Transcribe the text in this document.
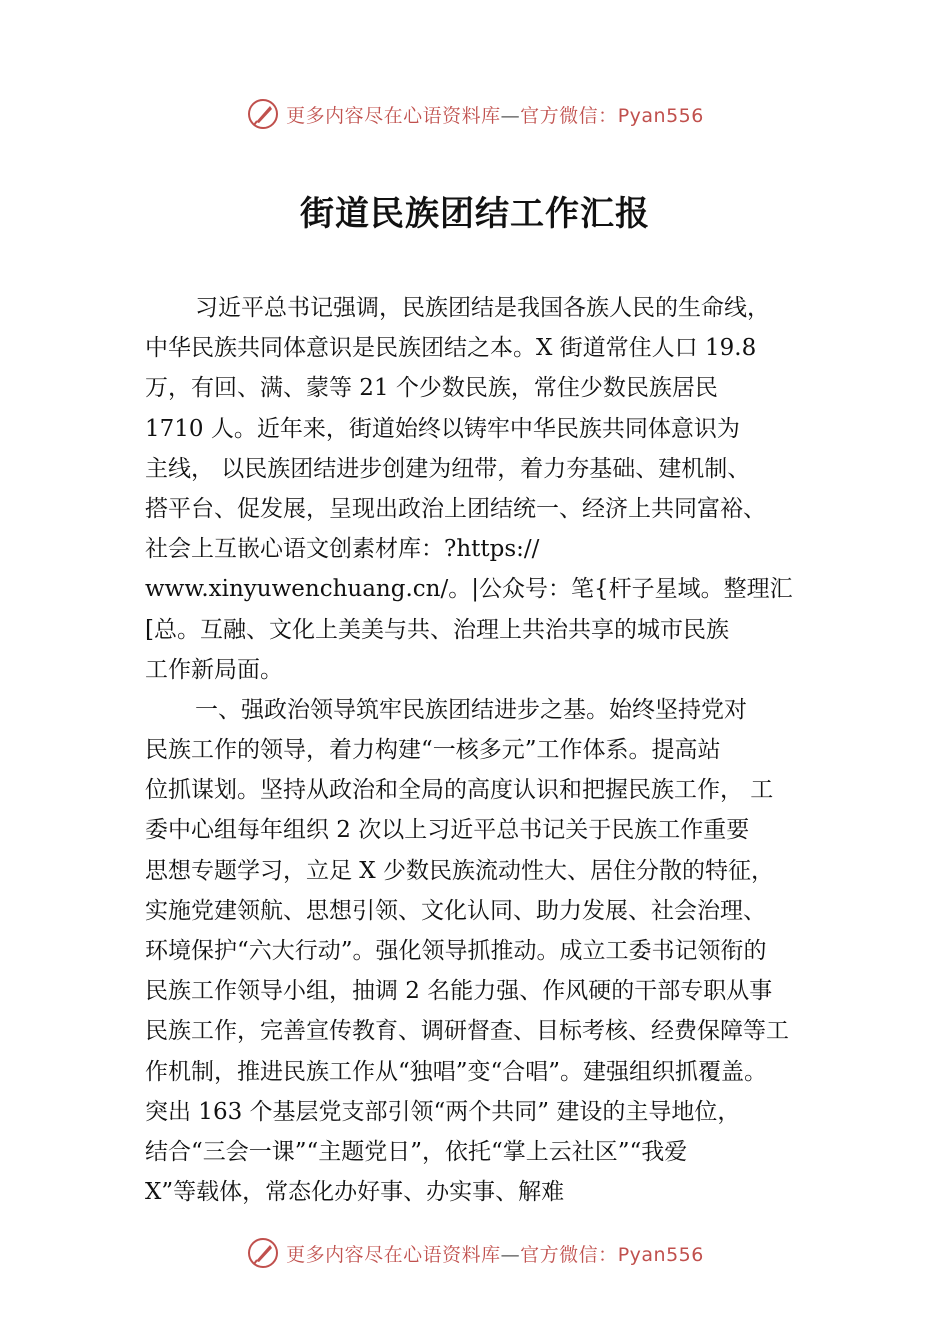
更多内容尽在心语资料库—官方微信：Pyan556
街道民族团结工作汇报
习近平总书记强调，民族团结是我国各族人民的生命线，
中华民族共同体意识是民族团结之本。X 街道常住人口 19.8
万，有回、满、蒙等 21 个少数民族，常住少数民族居民
1710 人。近年来，街道始终以铸牢中华民族共同体意识为
主线， 以民族团结进步创建为纽带，着力夯基础、建机制、
搭平台、促发展，呈现出政治上团结统一、经济上共同富裕、
社会上互嵌心语文创素材库：?https://
www.xinyuwenchuang.cn/。|公众号：笔{杆子星域。整理汇
[总。互融、文化上美美与共、治理上共治共享的城市民族
工作新局面。
一、强政治领导筑牢民族团结进步之基。始终坚持党对
民族工作的领导，着力构建“一核多元”工作体系。提高站
位抓谋划。坚持从政治和全局的高度认识和把握民族工作， 工
委中心组每年组织 2 次以上习近平总书记关于民族工作重要
思想专题学习，立足 X 少数民族流动性大、居住分散的特征，
实施党建领航、思想引领、文化认同、助力发展、社会治理、
环境保护“六大行动”。强化领导抓推动。成立工委书记领衔的
民族工作领导小组，抽调 2 名能力强、作风硬的干部专职从事
民族工作，完善宣传教育、调研督查、目标考核、经费保障等工
作机制，推进民族工作从“独唱”变“合唱”。建强组织抓覆盖。
突出 163 个基层党支部引领“两个共同” 建设的主导地位，
结合“三会一课”“主题党日”，依托“掌上云社区”“我爱
X”等载体，常态化办好事、办实事、解难
更多内容尽在心语资料库—官方微信：Pyan556
